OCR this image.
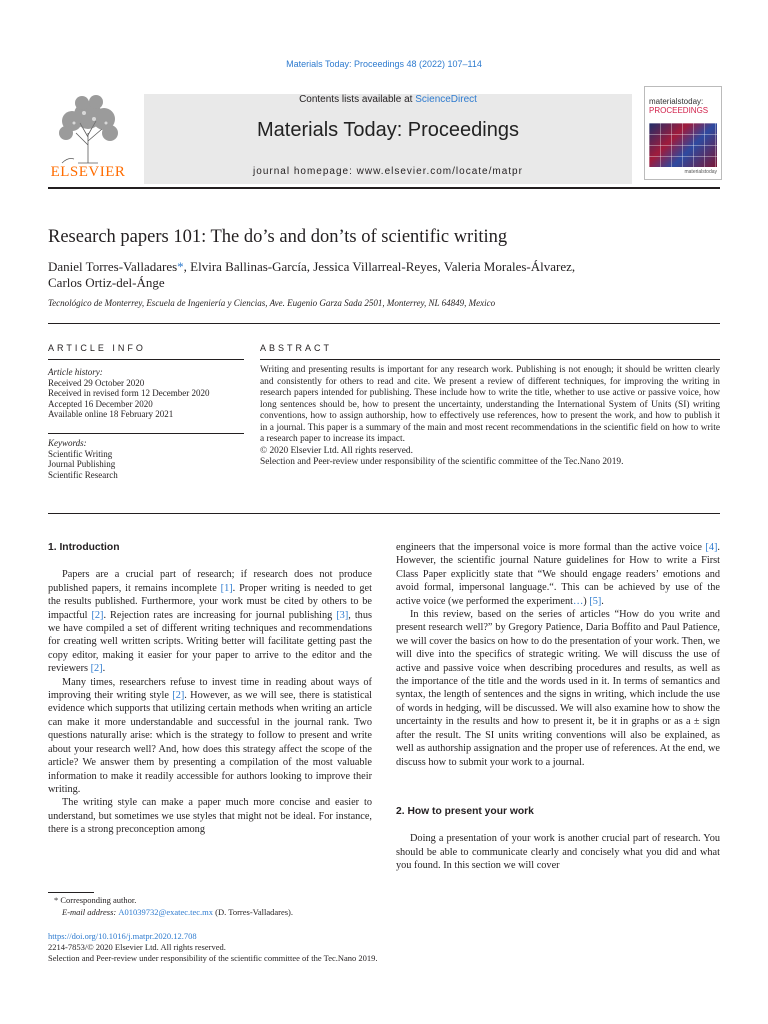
Materials Today: Proceedings 48 (2022) 107–114
ELSEVIER
Contents lists available at ScienceDirect
Materials Today: Proceedings
journal homepage: www.elsevier.com/locate/matpr
materialstoday:
PROCEEDINGS
materialstoday
Research papers 101: The do’s and don’ts of scientific writing
Daniel Torres-Valladares*, Elvira Ballinas-García, Jessica Villarreal-Reyes, Valeria Morales-Álvarez,
Carlos Ortiz-del-Ánge
Tecnológico de Monterrey, Escuela de Ingeniería y Ciencias, Ave. Eugenio Garza Sada 2501, Monterrey, NL 64849, Mexico
ARTICLE INFO
Article history:
Received 29 October 2020
Received in revised form 12 December 2020
Accepted 16 December 2020
Available online 18 February 2021
Keywords:
Scientific Writing
Journal Publishing
Scientific Research
ABSTRACT
Writing and presenting results is important for any research work. Publishing is not enough; it should be written clearly and consistently for others to read and cite. We present a review of different techniques, for improving the writing in research papers intended for publishing. These include how to write the title, whether to use active or passive voice, how long sentences should be, how to present the uncertainty, understanding the International System of Units (SI) writing conventions, how to assign authorship, how to effectively use references, how to present the work, and how to publish it in a journal. This paper is a summary of the main and most recent recommendations in the scientific field on how to write a research paper to increase its impact.
© 2020 Elsevier Ltd. All rights reserved.
Selection and Peer-review under responsibility of the scientific committee of the Tec.Nano 2019.
1. Introduction

Papers are a crucial part of research; if research does not produce published papers, it remains incomplete [1]. Proper writing is needed to get the results published. Furthermore, your work must be cited by others to be impactful [2]. Rejection rates are increasing for journal publishing [3], thus we have compiled a set of different writing techniques and recommendations for creating well written scripts. Writing better will facilitate getting past the copy editor, making it easier for your paper to arrive to the editor and the reviewers [2].

Many times, researchers refuse to invest time in reading about ways of improving their writing style [2]. However, as we will see, there is statistical evidence which supports that utilizing certain methods when writing an article can make it more understandable and successful in the journal rank. Two questions naturally arise: which is the strategy to follow to present and write about your research well? And, how does this strategy affect the scope of the article? We answer them by presenting a compilation of the most valuable information to make it readily accessible for authors looking to improve their writing.

The writing style can make a paper much more concise and easier to understand, but sometimes we use styles that might not be ideal. For instance, there is a strong preconception among

engineers that the impersonal voice is more formal than the active voice [4]. However, the scientific journal Nature guidelines for How to write a First Class Paper explicitly state that “We should engage readers’ emotions and avoid formal, impersonal language.“. This can be achieved by use of the active voice (we performed the experiment…) [5].

In this review, based on the series of articles “How do you write and present research well?” by Gregory Patience, Daria Boffito and Paul Patience, we will cover the basics on how to do the presentation of your work. Then, we will dive into the specifics of strategic writing. We will discuss the use of active and passive voice when describing procedures and results, as well as the importance of the title and the words used in it. In terms of semantics and syntax, the length of sentences and the signs in writing, which include the use of words in hedging, will be discussed. We will also examine how to show the uncertainty in the results and how to present it, be it in graphs or as a ± sign after the result. The SI units writing conventions will also be explained, as well as authorship assignation and the proper use of references. At the end, we discuss how to submit your work to a journal.

2. How to present your work

Doing a presentation of your work is another crucial part of research. You should be able to communicate clearly and concisely what you did and what you found. In this section we will cover

* Corresponding author.
E-mail address: A01039732@exatec.tec.mx (D. Torres-Valladares).
https://doi.org/10.1016/j.matpr.2020.12.708
2214-7853/© 2020 Elsevier Ltd. All rights reserved.
Selection and Peer-review under responsibility of the scientific committee of the Tec.Nano 2019.
